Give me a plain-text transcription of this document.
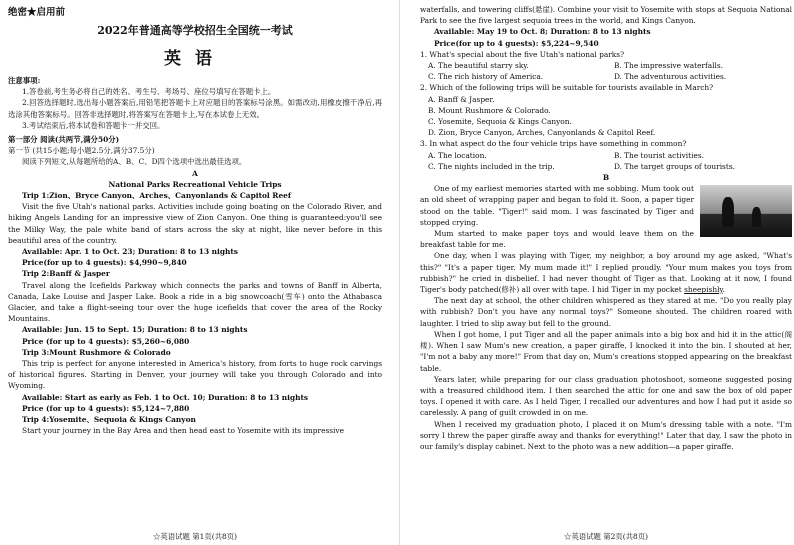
绝密★启用前
2022年普通高等学校招生全国统一考试
英语

注意事项:

1.答卷前,考生务必将自己的姓名、考生号、考场号、座位号填写在答题卡上。

2.回答选择题时,选出每小题答案后,用铅笔把答题卡上对应题目的答案标号涂黑。如需改动,用橡皮擦干净后,再选涂其他答案标号。回答非选择题时,将答案写在答题卡上,写在本试卷上无效。

3.考试结束后,将本试卷和答题卡一并交回。

第一部分 阅读(共两节,满分50分)

第一节 (共15小题;每小题2.5分,满分37.5分)

阅读下列短文,从每题所给的A、B、C、D四个选项中选出最佳选项。

A

National Parks Recreational Vehicle Trips

Trip 1:Zion、Bryce Canyon、Arches、Canyonlands & Capitol Reef

Visit the five Utah's national parks. Activities include going boating on the Colorado River, and hiking Angels Landing for an impressive view of Zion Canyon. One thing is guaranteed:you'll see the Milky Way, the pale white band of stars across the sky at night, like never before in this beautiful area of the country.

Available: Apr. 1 to Oct. 23; Duration: 8 to 13 nights

Price(for up to 4 guests): $4,990~9,840

Trip 2:Banff & Jasper

Travel along the Icefields Parkway which connects the parks and towns of Banff in Alberta, Canada, Lake Louise and Jasper Lake. Book a ride in a big snowcoach(雪车) onto the Athabasca Glacier, and take a flight-seeing tour over the huge icefields that cover the area of the Rocky Mountains.

Available: Jun. 15 to Sept. 15; Duration: 8 to 13 nights

Price (for up to 4 guests): $5,260~6,080

Trip 3:Mount Rushmore & Colorado

This trip is perfect for anyone interested in America's history, from forts to huge rock carvings of historical figures. Starting in Denver, your journey will take you through Colorado and into Wyoming.

Available: Start as early as Feb. 1 to Oct. 10; Duration: 8 to 13 nights

Price (for up to 4 guests): $5,124~7,880

Trip 4:Yosemite、Sequoia & Kings Canyon

Start your journey in the Bay Area and then head east to Yosemite with its impressive

☆英语试题 第1页(共8页)

waterfalls, and towering cliffs(悬崖). Combine your visit to Yosemite with stops at Sequoia National Park to see the five largest sequoia trees in the world, and Kings Canyon.

Available: May 19 to Oct. 8; Duration: 8 to 13 nights

Price(for up to 4 guests): $5,224~9,540

1. What's special about the five Utah's national parks?

A. The beautiful starry sky.	B. The impressive waterfalls.
C. The rich history of America.	D. The adventurous activities.

2. Which of the following trips will be suitable for tourists available in March?

A. Banff & Jasper.
B. Mount Rushmore & Colorado.
C. Yosemite, Sequoia & Kings Canyon.
D. Zion, Bryce Canyon, Arches, Canyonlands & Capitol Reef.

3. In what aspect do the four vehicle trips have something in common?

A. The location.	B. The tourist activities.
C. The nights included in the trip.	D. The target groups of tourists.

B

One of my earliest memories started with me sobbing. Mum took out an old sheet of wrapping paper and began to fold it. Soon, a paper tiger stood on the table. "Tiger!" said mom. I was fascinated by Tiger and stopped crying.

Mum started to make paper toys and would leave them on the breakfast table for me.

One day, when I was playing with Tiger, my neighbor, a boy around my age asked, "What's this?" "It's a paper tiger. My mum made it!" I replied proudly. "Your mum makes you toys from rubbish?" he cried in disbelief. I had never thought of Tiger as that. Looking at it now, I found Tiger's body patched(修补) all over with tape. I hid Tiger in my pocket sheepishly.

The next day at school, the other children whispered as they stared at me. "Do you really play with rubbish? Don't you have any normal toys?" Someone shouted. The children roared with laughter. I tried to slip away but fell to the ground.

When I got home, I put Tiger and all the paper animals into a big box and hid it in the attic(阁楼). When I saw Mum's new creation, a paper giraffe, I knocked it into the bin. I shouted at her, "I'm not a baby any more!" From that day on, Mum's creations stopped appearing on the breakfast table.

Years later, while preparing for our class graduation photoshoot, someone suggested posing with a treasured childhood item. I then searched the attic for one and saw the box of old paper toys. I opened it with care. As I held Tiger, I recalled our adventures and how I had put it aside so carelessly. A pang of guilt crowded in on me.

When I received my graduation photo, I placed it on Mum's dressing table with a note. "I'm sorry I threw the paper giraffe away and thanks for everything!" Later that day, I saw the photo in our family's display cabinet. Next to the photo was a new addition—a paper giraffe.

☆英语试题 第2页(共8页)
